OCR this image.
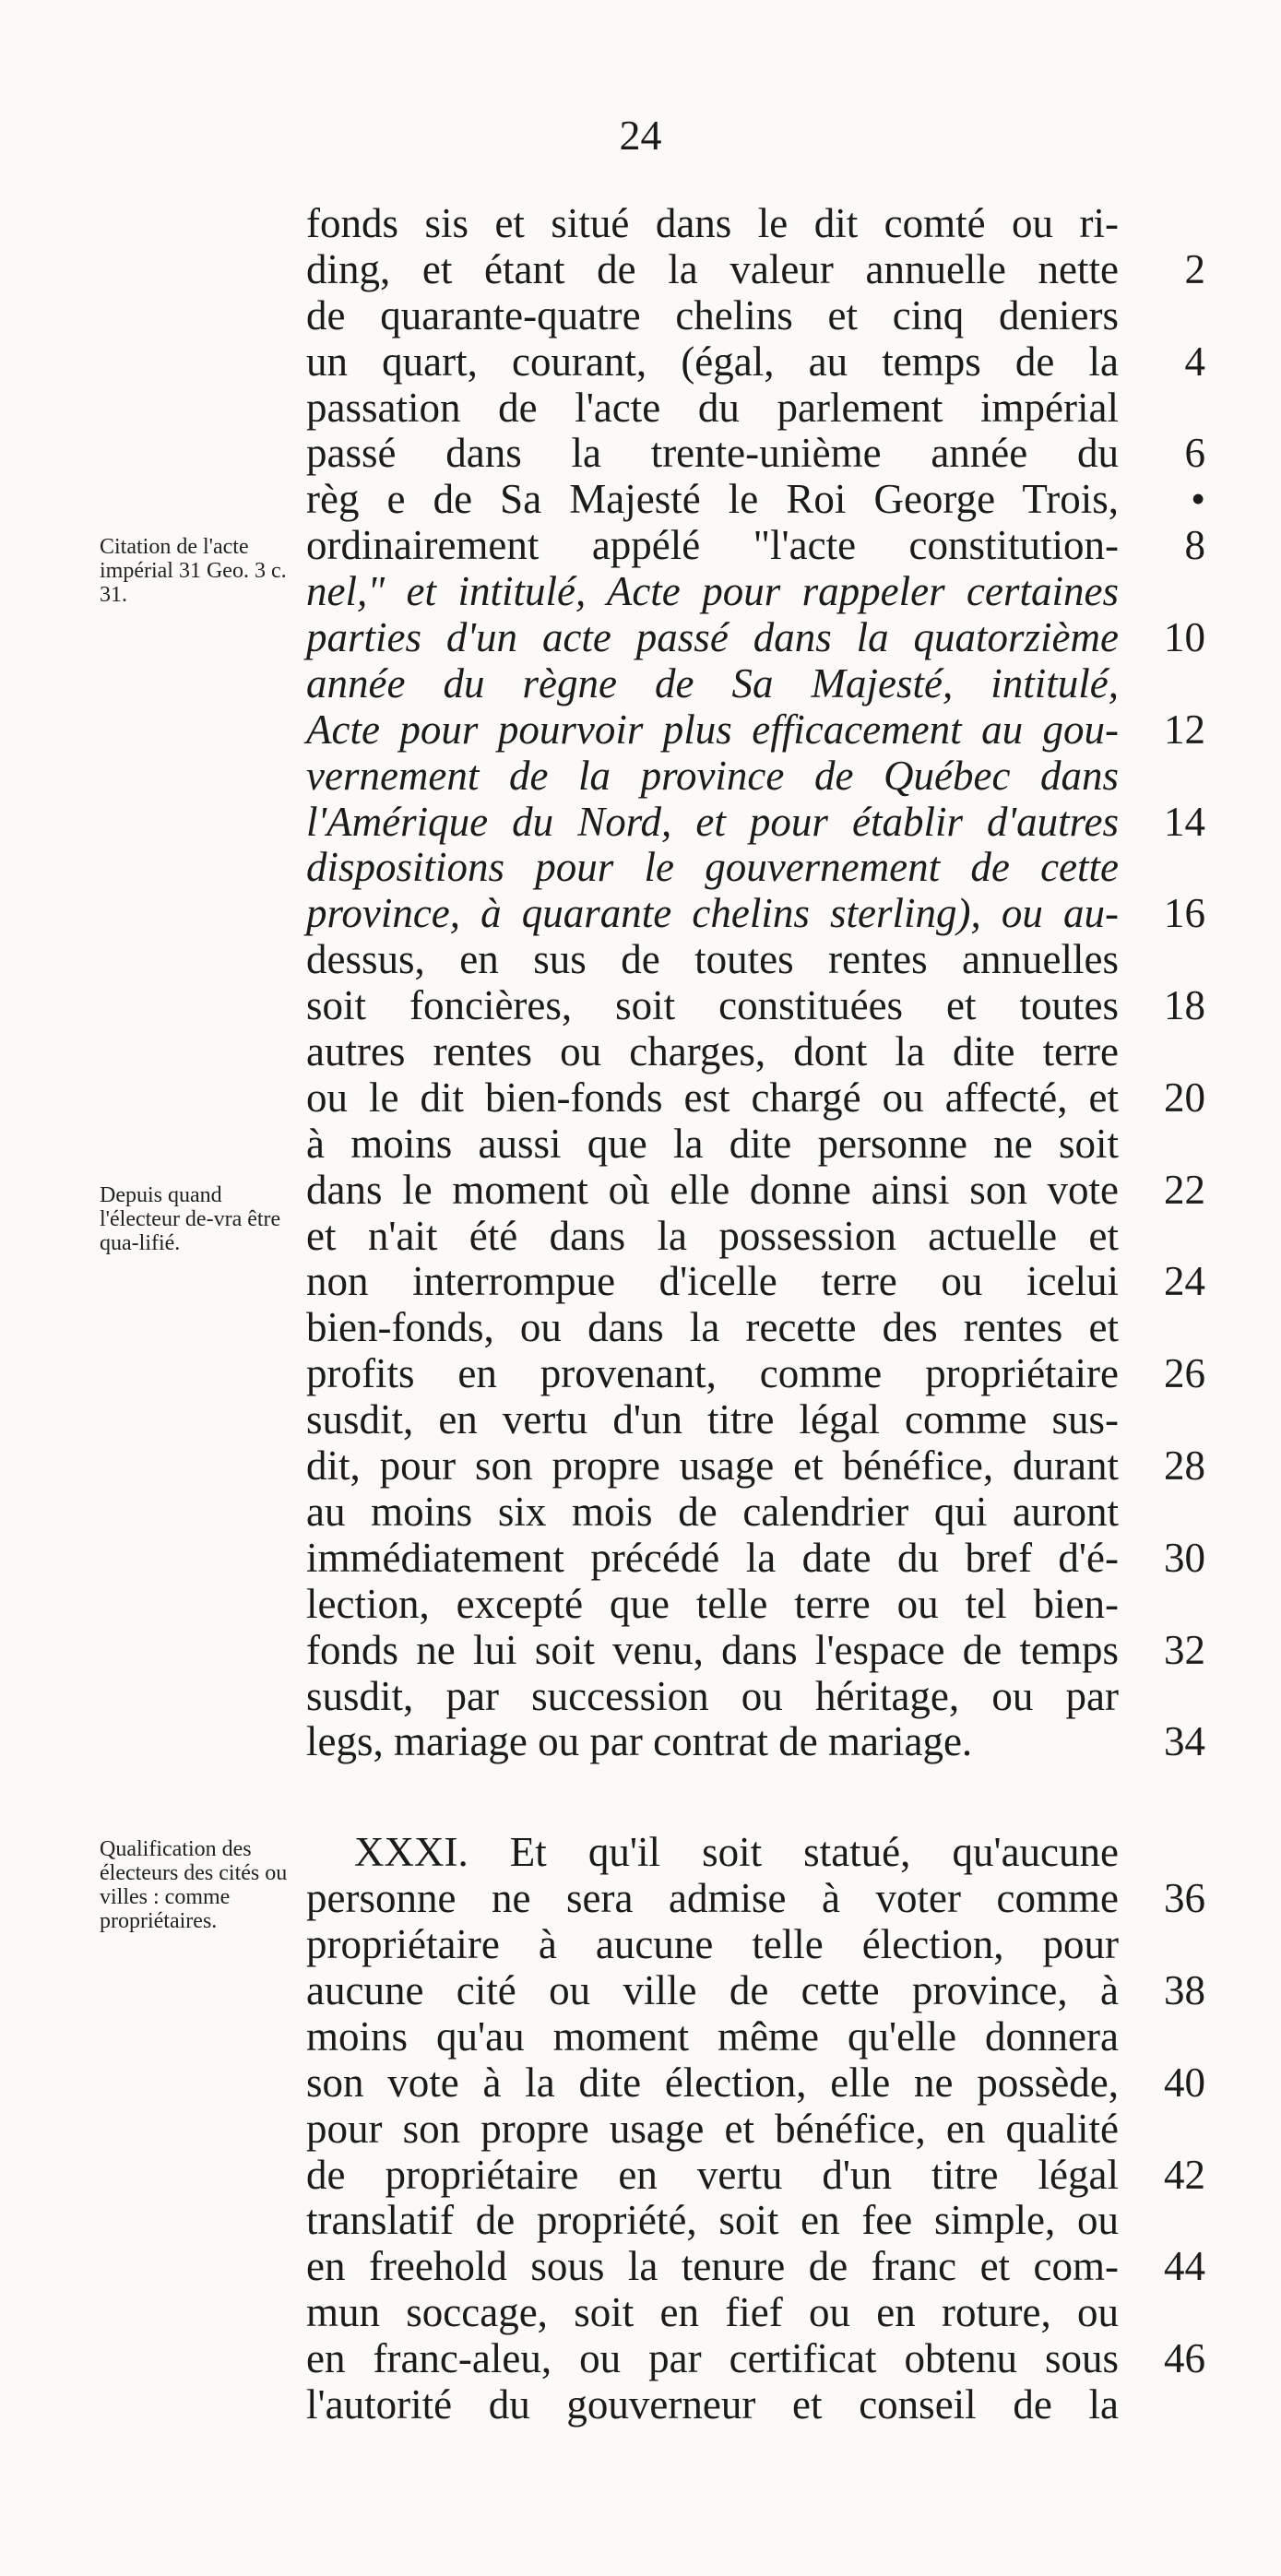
24
Citation de l'acte impérial 31 Geo. 3 c. 31.
Depuis quand l'électeur de-vra être qua-lifié.
Qualification des électeurs des cités ou villes : comme propriétaires.
fonds sis et situé dans le dit comté ou ri-
ding, et étant de la valeur annuelle nette	2
de quarante-quatre chelins et cinq deniers
un quart, courant, (égal, au temps de la	4
passation de l'acte du parlement impérial
passé dans la trente-unième année du	6
règ e de Sa Majesté le Roi George Trois,	•
ordinairement appélé "l'acte constitution-	8
nel," et intitulé, Acte pour rappeler certaines
parties d'un acte passé dans la quatorzième	10
année du règne de Sa Majesté, intitulé,
Acte pour pourvoir plus efficacement au gou-	12
vernement de la province de Québec dans
l'Amérique du Nord, et pour établir d'autres	14
dispositions pour le gouvernement de cette
province, à quarante chelins sterling), ou au-	16
dessus, en sus de toutes rentes annuelles
soit foncières, soit constituées et toutes	18
autres rentes ou charges, dont la dite terre
ou le dit bien-fonds est chargé ou affecté, et	20
à moins aussi que la dite personne ne soit
dans le moment où elle donne ainsi son vote	22
et n'ait été dans la possession actuelle et
non interrompue d'icelle terre ou icelui	24
bien-fonds, ou dans la recette des rentes et
profits en provenant, comme propriétaire	26
susdit, en vertu d'un titre légal comme sus-
dit, pour son propre usage et bénéfice, durant	28
au moins six mois de calendrier qui auront
immédiatement précédé la date du bref d'é-	30
lection, excepté que telle terre ou tel bien-
fonds ne lui soit venu, dans l'espace de temps	32
susdit, par succession ou héritage, ou par
legs, mariage ou par contrat de mariage.	34
XXXI. Et qu'il soit statué, qu'aucune
personne ne sera admise à voter comme	36
propriétaire à aucune telle élection, pour
aucune cité ou ville de cette province, à	38
moins qu'au moment même qu'elle donnera
son vote à la dite élection, elle ne possède,	40
pour son propre usage et bénéfice, en qualité
de propriétaire en vertu d'un titre légal	42
translatif de propriété, soit en fee simple, ou
en freehold sous la tenure de franc et com-	44
mun soccage, soit en fief ou en roture, ou
en franc-aleu, ou par certificat obtenu sous	46
l'autorité du gouverneur et conseil de la
